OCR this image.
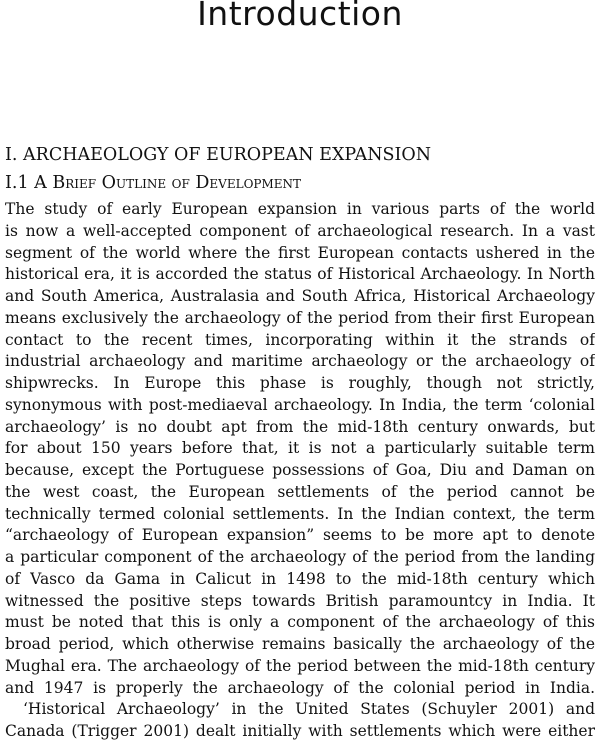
Introduction
I. ARCHAEOLOGY OF EUROPEAN EXPANSION
I.1 A Brief Outline of Development
The study of early European expansion in various parts of the world
is now a well-accepted component of archaeological research. In a vast
segment of the world where the first European contacts ushered in the
historical era, it is accorded the status of Historical Archaeology. In North
and South America, Australasia and South Africa, Historical Archaeology
means exclusively the archaeology of the period from their first European
contact to the recent times, incorporating within it the strands of
industrial archaeology and maritime archaeology or the archaeology of
shipwrecks. In Europe this phase is roughly, though not strictly,
synonymous with post-mediaeval archaeology. In India, the term ‘colonial
archaeology’ is no doubt apt from the mid-18th century onwards, but
for about 150 years before that, it is not a particularly suitable term
because, except the Portuguese possessions of Goa, Diu and Daman on
the west coast, the European settlements of the period cannot be
technically termed colonial settlements. In the Indian context, the term
“archaeology of European expansion” seems to be more apt to denote
a particular component of the archaeology of the period from the landing
of Vasco da Gama in Calicut in 1498 to the mid-18th century which
witnessed the positive steps towards British paramountcy in India. It
must be noted that this is only a component of the archaeology of this
broad period, which otherwise remains basically the archaeology of the
Mughal era. The archaeology of the period between the mid-18th century
and 1947 is properly the archaeology of the colonial period in India.
‘Historical Archaeology’ in the United States (Schuyler 2001) and
Canada (Trigger 2001) dealt initially with settlements which were either
